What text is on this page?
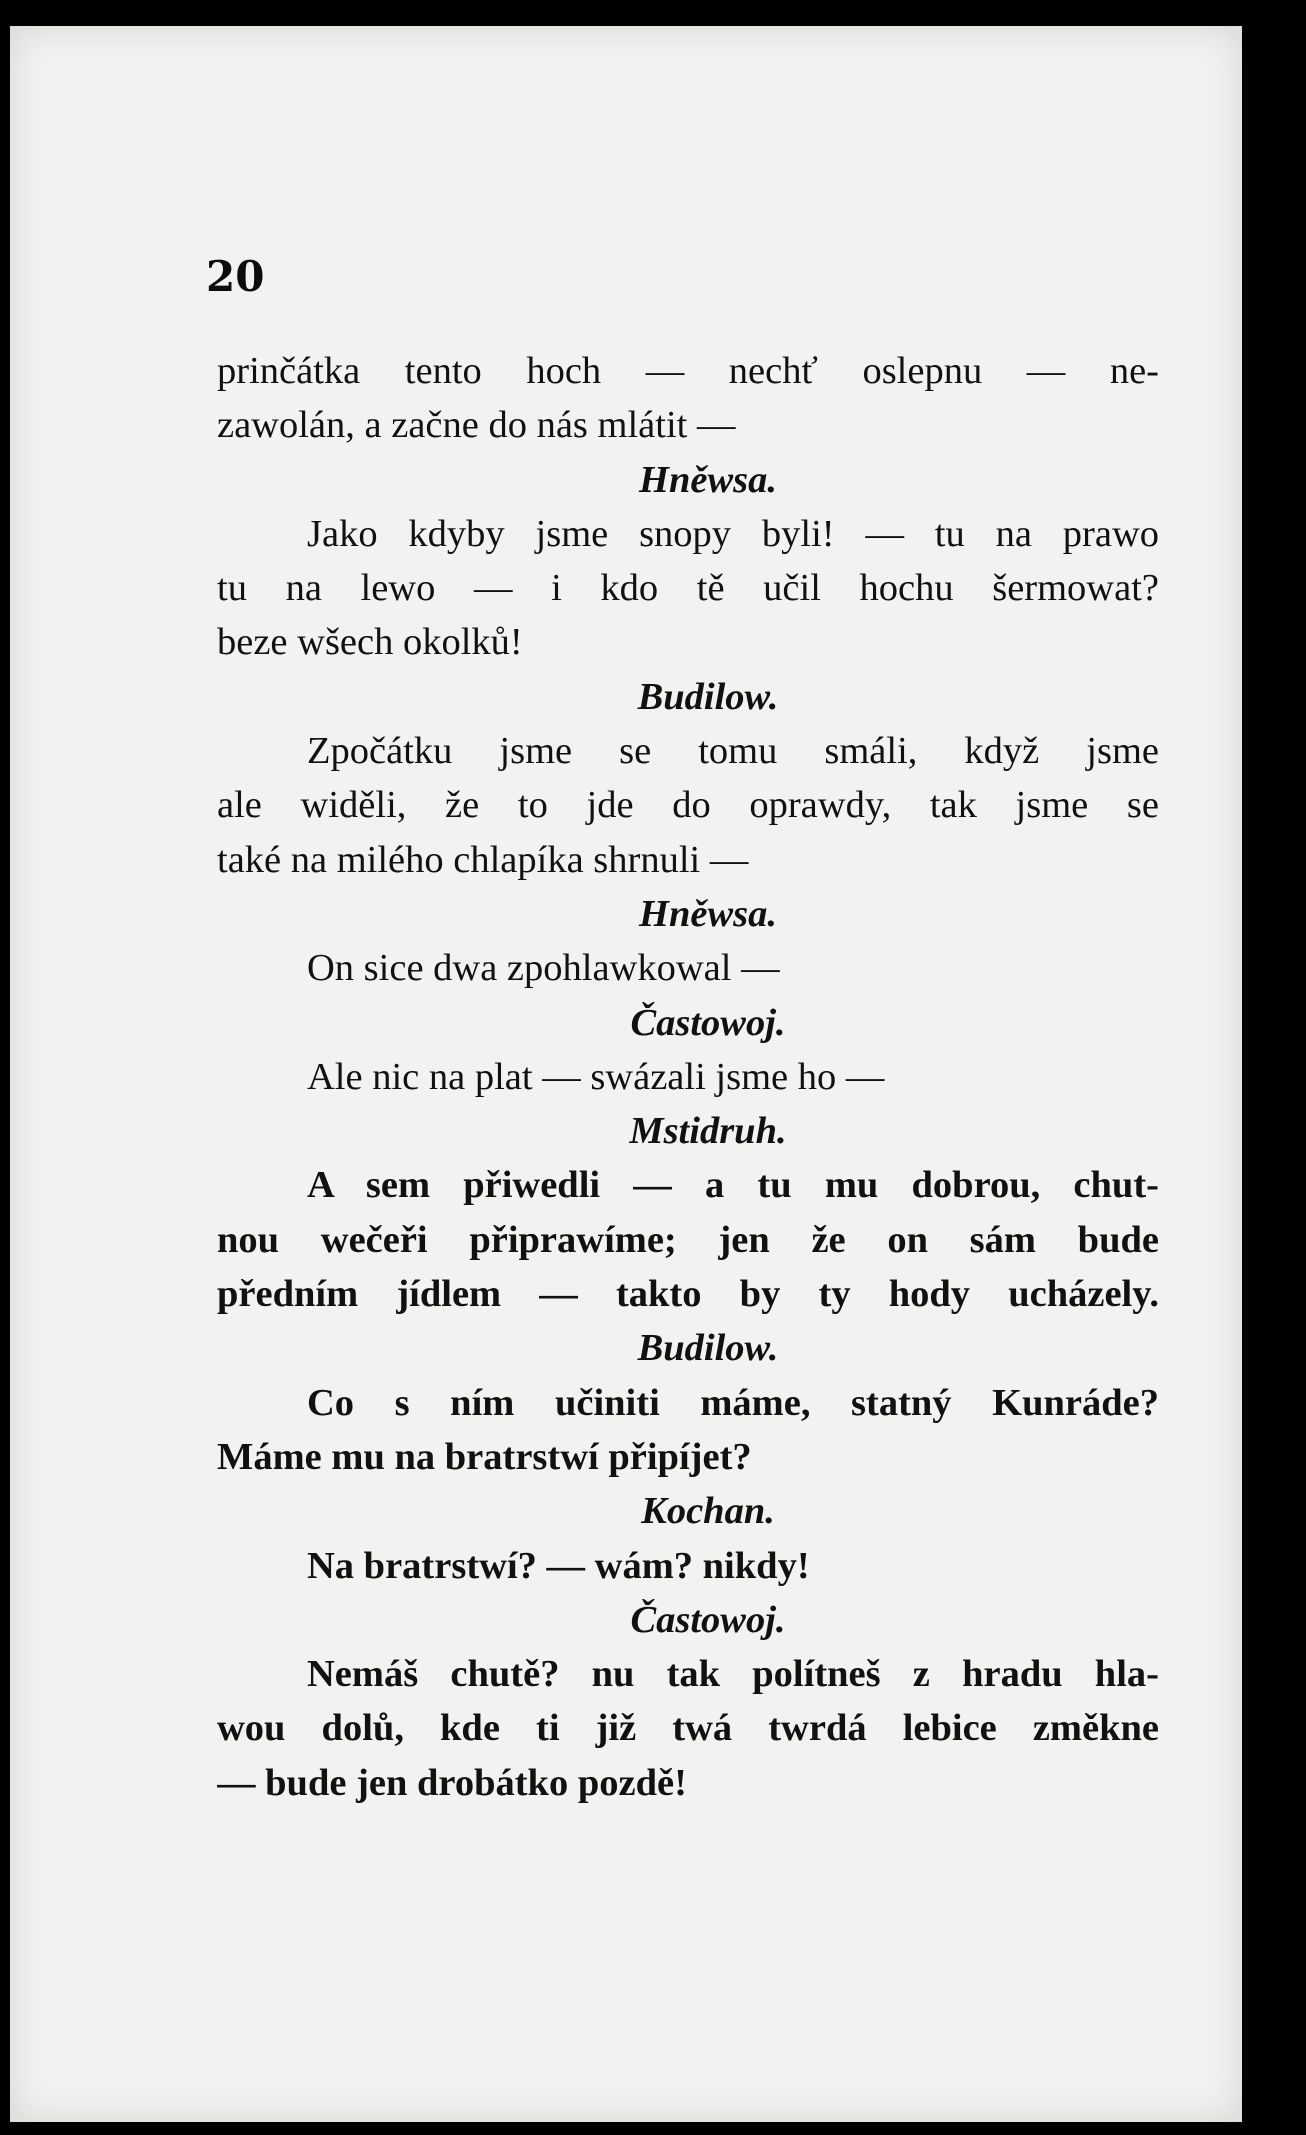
20
prinčátka tento hoch — nechť oslepnu — ne-
zawolán, a začne do nás mlátit —
Hněwsa.
Jako kdyby jsme snopy byli! — tu na prawo
tu na lewo — i kdo tě učil hochu šermowat?
beze wšech okolků!
Budilow.
Zpočátku jsme se tomu smáli, když jsme
ale widěli, že to jde do oprawdy, tak jsme se
také na milého chlapíka shrnuli —
Hněwsa.
On sice dwa zpohlawkowal —
Častowoj.
Ale nic na plat — swázali jsme ho —
Mstidruh.
A sem přiwedli — a tu mu dobrou, chut-
nou wečeři připrawíme; jen že on sám bude
předním jídlem — takto by ty hody ucházely.
Budilow.
Co s ním učiniti máme, statný Kunráde?
Máme mu na bratrstwí připíjet?
Kochan.
Na bratrstwí? — wám? nikdy!
Častowoj.
Nemáš chutě? nu tak polítneš z hradu hla-
wou dolů, kde ti již twá twrdá lebice změkne
— bude jen drobátko pozdě!
